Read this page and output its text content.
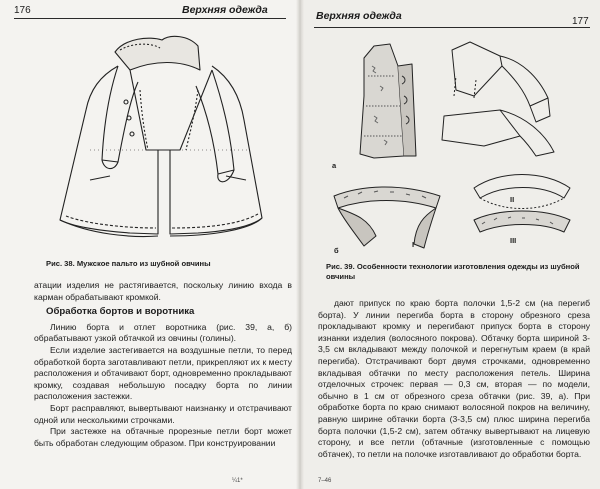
176	Верхняя одежда
Рис. 38. Мужское пальто из шубной овчины

атации изделия не растягивается, поскольку линию входа в карман обрабатывают кромкой.

Обработка бортов и воротника

Линию борта и отлет воротника (рис. 39, а, б) обрабатывают узкой обтачкой из овчины (голины).

Если изделие застегивается на воздушные петли, то перед обработкой борта заготавливают петли, прикрепляют их к месту расположения и обтачивают борт, одновременно прокладывают кромку, создавая небольшую посадку борта по линии расположения застежки.

Борт расправляют, вывертывают наизнанку и отстрачивают одной или несколькими строчками.

При застежке на обтачные прорезные петли борт может быть обработан следующим образом. При конструировании

¼1*
Верхняя одежда	177
а
б
I
II
III
Рис. 39. Особенности технологии изготовления одежды из шубной овчины

дают припуск по краю борта полочки 1,5-2 см (на перегиб борта). У линии перегиба борта в сторону обрезного среза прокладывают кромку и перегибают припуск борта в сторону изнанки изделия (волосяного покрова). Обтачку борта шириной 3-3,5 см вкладывают между полочкой и перегнутым краем (в край перегиба). Отстрачивают борт двумя строчками, одновременно вкладывая обтачки по месту расположения петель. Ширина отделочных строчек: первая — 0,3 см, вторая — по модели, обычно в 1 см от обрезного среза обтачки (рис. 39, а). При обработке борта по краю снимают волосяной покров на величину, равную ширине обтачки борта (3-3,5 см) плюс ширина перегиба борта полочки (1,5-2 см), затем обтачку вывертывают на лицевую сторону, и все петли (обтачные (изготовленные с помощью обтачек), то петли на полочке изготавливают до обработки борта.

7–46
